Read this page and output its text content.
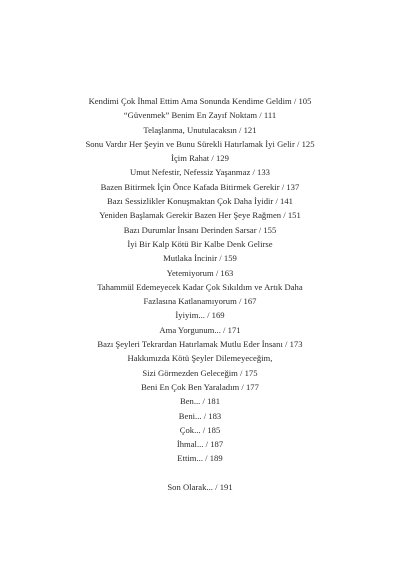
Kendimi Çok İhmal Ettim Ama Sonunda Kendime Geldim / 105
“Güvenmek” Benim En Zayıf Noktam / 111
Telaşlanma, Unutulacaksın / 121
Sonu Vardır Her Şeyin ve Bunu Sürekli Hatırlamak İyi Gelir / 125
İçim Rahat / 129
Umut Nefestir, Nefessiz Yaşanmaz / 133
Bazen Bitirmek İçin Önce Kafada Bitirmek Gerekir / 137
Bazı Sessizlikler Konuşmaktan Çok Daha İyidir / 141
Yeniden Başlamak Gerekir Bazen Her Şeye Rağmen / 151
Bazı Durumlar İnsanı Derinden Sarsar / 155
İyi Bir Kalp Kötü Bir Kalbe Denk Gelirse
Mutlaka İncinir / 159
Yetemiyorum / 163
Tahammül Edemeyecek Kadar Çok Sıkıldım ve Artık Daha
Fazlasına Katlanamıyorum / 167
İyiyim... / 169
Ama Yorgunum... / 171
Bazı Şeyleri Tekrardan Hatırlamak Mutlu Eder İnsanı / 173
Hakkımızda Kötü Şeyler Dilemeyeceğim,
Sizi Görmezden Geleceğim / 175
Beni En Çok Ben Yaraladım / 177
Ben... / 181
Beni... / 183
Çok... / 185
İhmal... / 187
Ettim... / 189
Son Olarak... / 191
